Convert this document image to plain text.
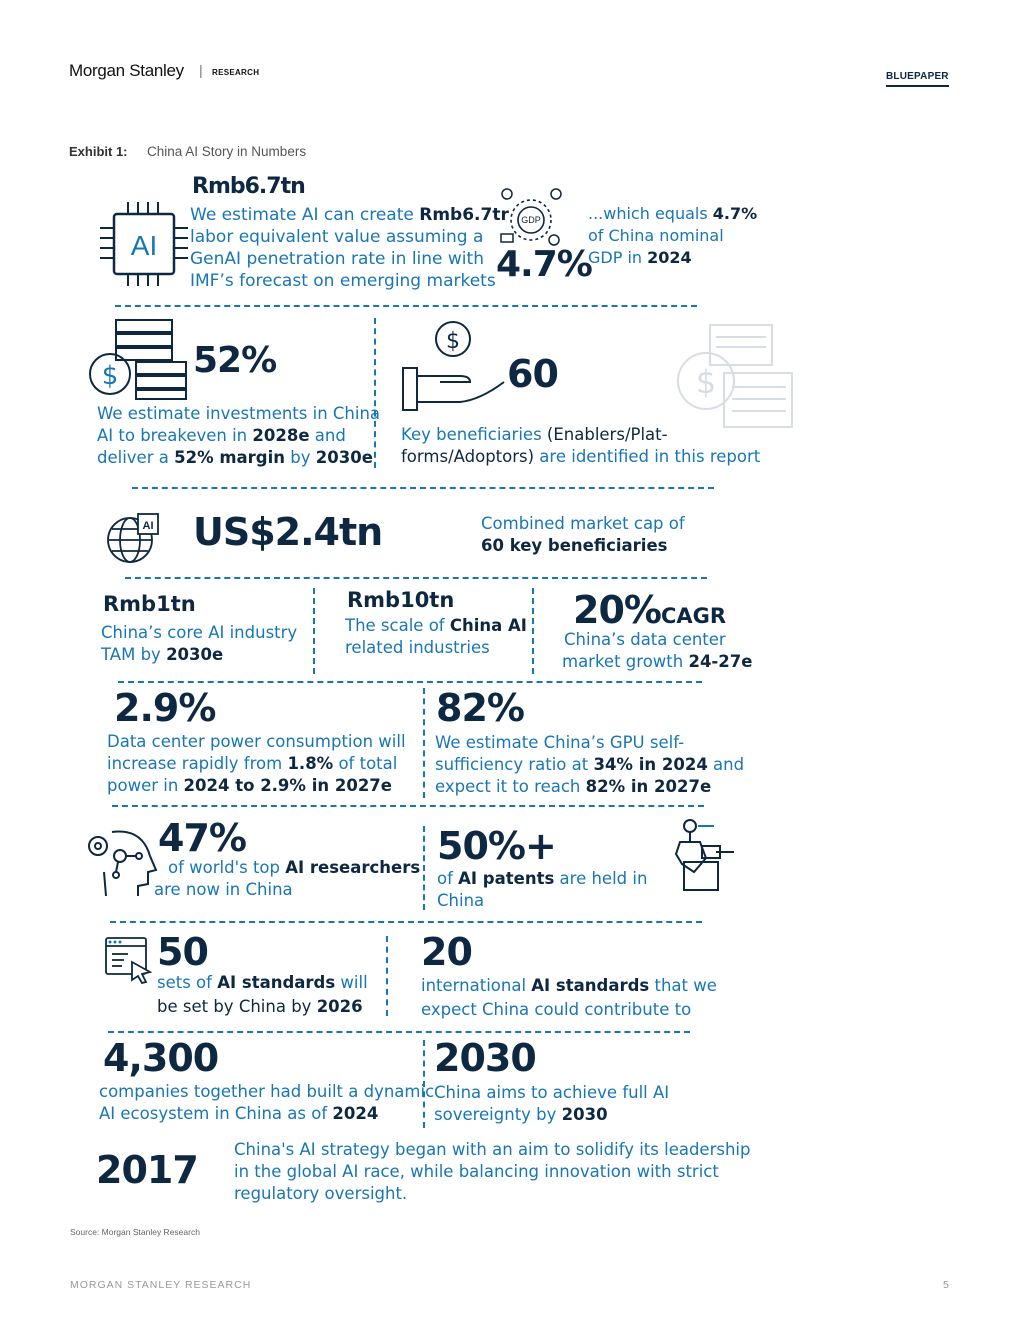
Morgan Stanley | RESEARCH	BLUEPAPER
Exhibit 1: China AI Story in Numbers
AI
Rmb6.7tn
We estimate AI can create Rmb6.7tr
labor equivalent value assuming a
GenAI penetration rate in line with
IMF’s forecast on emerging markets
GDP
4.7%
...which equals 4.7%
of China nominal
GDP in 2024
$ 52%
We estimate investments in China
AI to breakeven in 2028e and
deliver a 52% margin by 2030e
$
$
60
Key beneficiaries (Enablers/Plat-
forms/Adoptors) are identified in this report
AI US$2.4tn	Combined market cap of
60 key beneficiaries
Rmb1tn
China’s core AI industry
TAM by 2030e
Rmb10tn
The scale of China AI
related industries
20%CAGR
China’s data center
market growth 24-27e
2.9%
Data center power consumption will
increase rapidly from 1.8% of total
power in 2024 to 2.9% in 2027e
82%
We estimate China’s GPU self-
sufficiency ratio at 34% in 2024 and
expect it to reach 82% in 2027e
47%
of world's top AI researchers
are now in China
50%+
of AI patents are held in
China
50
sets of AI standards will
be set by China by 2026
20
international AI standards that we
expect China could contribute to
4,300
companies together had built a dynamic
AI ecosystem in China as of 2024
2030
China aims to achieve full AI
sovereignty by 2030
2017 China's AI strategy began with an aim to solidify its leadership
in the global AI race, while balancing innovation with strict
regulatory oversight.
Source: Morgan Stanley Research
MORGAN STANLEY RESEARCH	5
